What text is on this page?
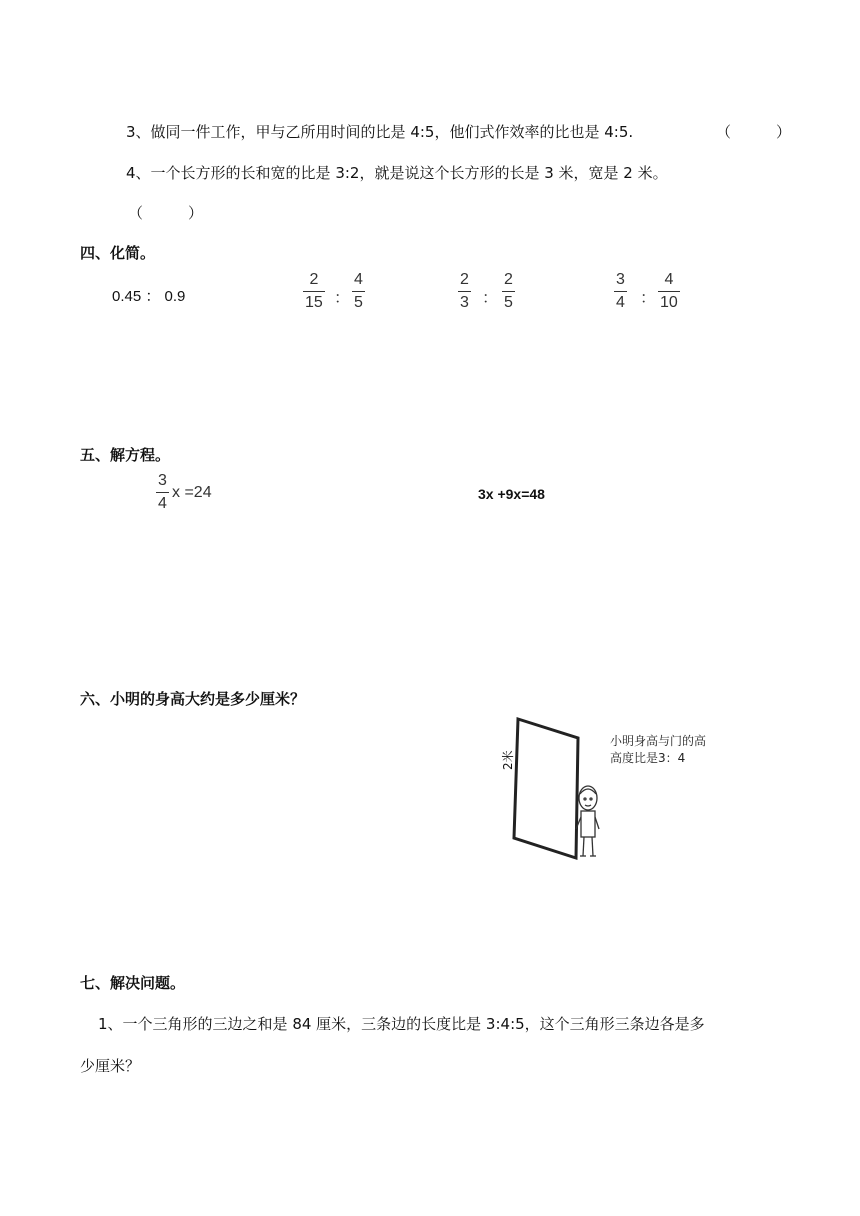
3、做同一件工作，甲与乙所用时间的比是 4:5，他们式作效率的比也是 4:5.	（　　　）
4、一个长方形的长和宽的比是 3:2，就是说这个长方形的长是 3 米，宽是 2 米。
（　　　）
四、化简。
0.45 ： 0.9	$\frac{2}{15}$ ： $\frac{4}{5}$	$\frac{2}{3}$ ： $\frac{2}{5}$	$\frac{3}{4}$ ： $\frac{4}{10}$
五、解方程。
$\frac{3}{4}$ x =24	3x +9x=48
六、小明的身高大约是多少厘米？
2米
小明身高与门的高
高度比是3：4
七、解决问题。
1、一个三角形的三边之和是 84 厘米，三条边的长度比是 3:4:5，这个三角形三条边各是多
少厘米？
